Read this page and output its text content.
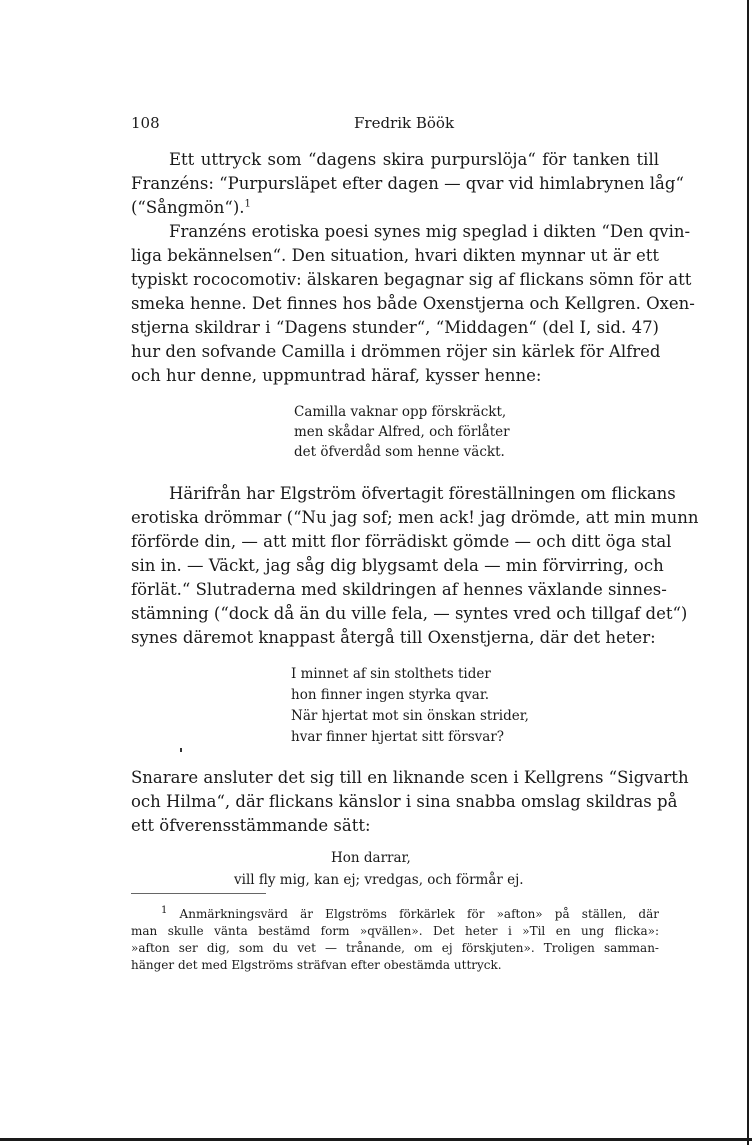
108	Fredrik Böök
Ett uttryck som “dagens skira purpurslöja“ för tanken till
Franzéns: “Purpursläpet efter dagen — qvar vid himlabrynen låg“
(“Sångmön“).$^1$
Franzéns erotiska poesi synes mig speglad i dikten “Den qvin-
liga bekännelsen“. Den situation, hvari dikten mynnar ut är ett
typiskt rococomotiv: älskaren begagnar sig af flickans sömn för att
smeka henne. Det finnes hos både Oxenstjerna och Kellgren. Oxen-
stjerna skildrar i “Dagens stunder“, “Middagen“ (del I, sid. 47)
hur den sofvande Camilla i drömmen röjer sin kärlek för Alfred
och hur denne, uppmuntrad häraf, kysser henne:
Camilla vaknar opp förskräckt,
men skådar Alfred, och förlåter
det öfverdåd som henne väckt.
Härifrån har Elgström öfvertagit föreställningen om flickans
erotiska drömmar (“Nu jag sof; men ack! jag drömde, att min munn
förförde din, — att mitt flor förrädiskt gömde — och ditt öga stal
sin in. — Väckt, jag såg dig blygsamt dela — min förvirring, och
förlät.“ Slutraderna med skildringen af hennes växlande sinnes-
stämning (“dock då än du ville fela, — syntes vred och tillgaf det“)
synes däremot knappast återgå till Oxenstjerna, där det heter:
I minnet af sin stolthets tider
hon finner ingen styrka qvar.
När hjertat mot sin önskan strider,
hvar finner hjertat sitt försvar?
Snarare ansluter det sig till en liknande scen i Kellgrens “Sigvarth
och Hilma“, där flickans känslor i sina snabba omslag skildras på
ett öfverensstämmande sätt:
Hon darrar,
vill fly mig, kan ej; vredgas, och förmår ej.
$^1$ Anmärkningsvärd är Elgströms förkärlek för »afton» på ställen, där
man skulle vänta bestämd form »qvällen». Det heter i »Til en ung flicka»:
»afton ser dig, som du vet — trånande, om ej förskjuten». Troligen samman-
hänger det med Elgströms sträfvan efter obestämda uttryck.
